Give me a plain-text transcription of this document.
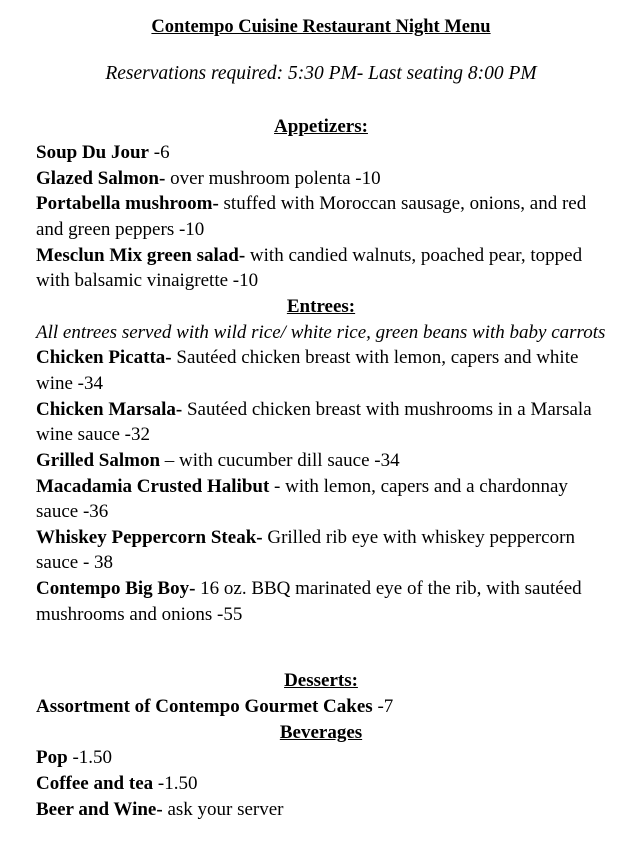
Contempo Cuisine Restaurant Night Menu
Reservations required: 5:30 PM- Last seating 8:00 PM
Appetizers:

Soup Du Jour -6

Glazed Salmon- over mushroom polenta -10

Portabella mushroom- stuffed with Moroccan sausage, onions, and red and green peppers -10

Mesclun Mix green salad- with candied walnuts, poached pear, topped with balsamic vinaigrette -10

Entrees:

All entrees served with wild rice/ white rice, green beans with baby carrots

Chicken Picatta- Sautéed chicken breast with lemon, capers and white wine -34

Chicken Marsala- Sautéed chicken breast with mushrooms in a Marsala wine sauce -32

Grilled Salmon – with cucumber dill sauce -34

Macadamia Crusted Halibut - with lemon, capers and a chardonnay sauce -36

Whiskey Peppercorn Steak- Grilled rib eye with whiskey peppercorn sauce - 38

Contempo Big Boy- 16 oz. BBQ marinated eye of the rib, with sautéed mushrooms and onions -55

Desserts:

Assortment of Contempo Gourmet Cakes -7

Beverages

Pop -1.50

Coffee and tea -1.50

Beer and Wine- ask your server
